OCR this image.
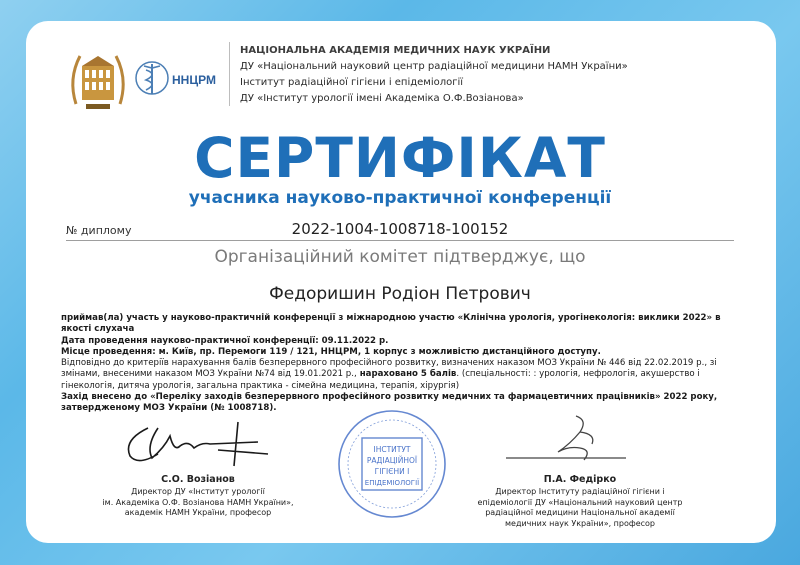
ННЦРМ
НАЦІОНАЛЬНА АКАДЕМІЯ МЕДИЧНИХ НАУК УКРАЇНИ
ДУ «Національний науковий центр радіаційної медицини НАМН України»
Інститут радіаційної гігієни і епідеміології
ДУ «Інститут урології імені Академіка О.Ф.Возіанова»
СЕРТИФІКАТ
учасника науково-практичної конференції
№ диплому	2022-1004-1008718-100152
Організаційний комітет підтверджує, що
Федоришин Родіон Петрович

приймав(ла) участь у науково-практичній конференції з міжнародною участю «Клінічна урологія, урогінекологія: виклики 2022» в якості слухача

Дата проведення науково-практичної конференції: 09.11.2022 р.

Місце проведення: м. Київ, пр. Перемоги 119 / 121, ННЦРМ, 1 корпус з можливістю дистанційного доступу.

Відповідно до критеріїв нарахування балів безперервного професійного розвитку, визначених наказом МОЗ України № 446 від 22.02.2019 р., зі змінами, внесеними наказом МОЗ України №74 від 19.01.2021 р., нараховано 5 балів. (спеціальності: : урологія, нефрологія, акушерство і гінекологія, дитяча урологія, загальна практика - сімейна медицина, терапія, хірургія)

Захід внесено до «Переліку заходів безперервного професійного розвитку медичних та фармацевтичних працівників» 2022 року, затвердженому МОЗ України (№ 1008718).

С.О. Возіанов
Директор ДУ «Інститут урології
ім. Академіка О.Ф. Возіанова НАМН України»,
академік НАМН України, професор
ІНСТИТУТ
РАДІАЦІЙНОЇ
ГІГІЄНИ І
ЕПІДЕМІОЛОГІЇ	П.А. Федірко
Директор Інституту радіаційної гігієни і
епідеміології ДУ «Національний науковий центр
радіаційної медицини Національної академії
медичних наук України», професор
